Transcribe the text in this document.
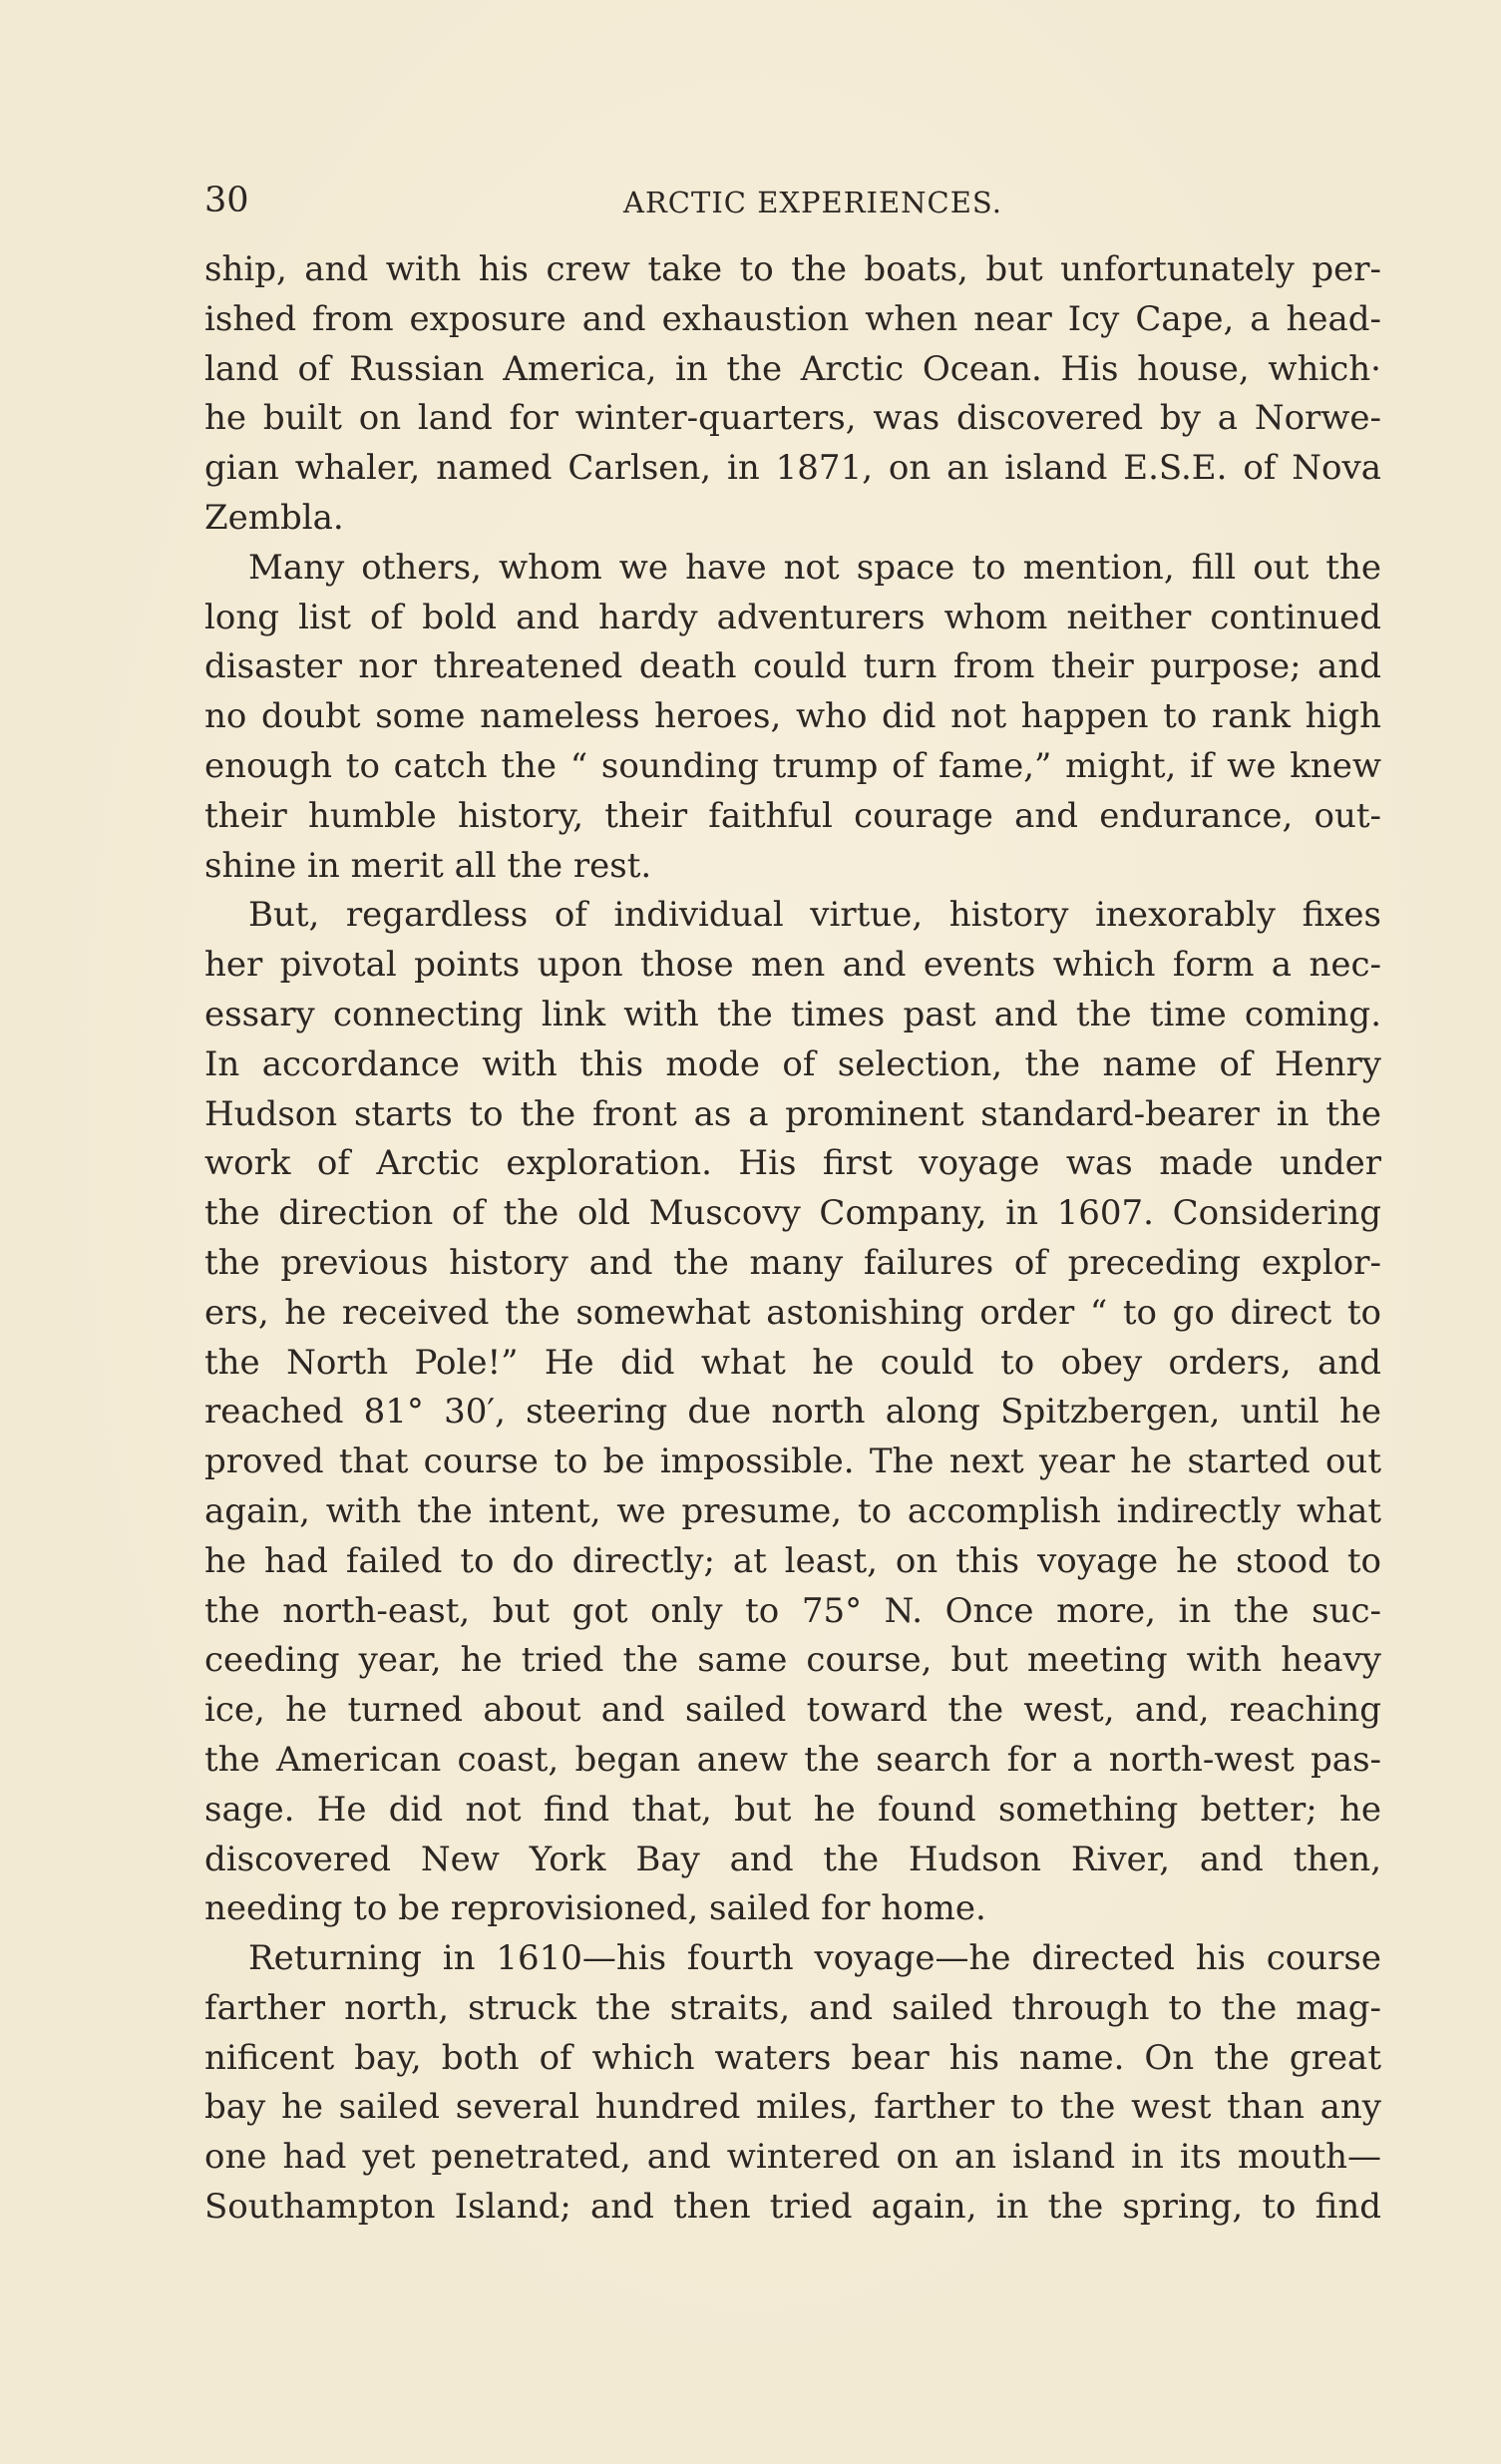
30	ARCTIC EXPERIENCES.
ship, and with his crew take to the boats, but unfortunately per-
ished from exposure and exhaustion when near Icy Cape, a head-
land of Russian America, in the Arctic Ocean. His house, which·
he built on land for winter-quarters, was discovered by a Norwe-
gian whaler, named Carlsen, in 1871, on an island E.S.E. of Nova
Zembla.
Many others, whom we have not space to mention, fill out the
long list of bold and hardy adventurers whom neither continued
disaster nor threatened death could turn from their purpose; and
no doubt some nameless heroes, who did not happen to rank high
enough to catch the “ sounding trump of fame,” might, if we knew
their humble history, their faithful courage and endurance, out-
shine in merit all the rest.
But, regardless of individual virtue, history inexorably fixes
her pivotal points upon those men and events which form a nec-
essary connecting link with the times past and the time coming.
In accordance with this mode of selection, the name of Henry
Hudson starts to the front as a prominent standard-bearer in the
work of Arctic exploration. His first voyage was made under
the direction of the old Muscovy Company, in 1607. Considering
the previous history and the many failures of preceding explor-
ers, he received the somewhat astonishing order “ to go direct to
the North Pole!” He did what he could to obey orders, and
reached 81° 30′, steering due north along Spitzbergen, until he
proved that course to be impossible. The next year he started out
again, with the intent, we presume, to accomplish indirectly what
he had failed to do directly; at least, on this voyage he stood to
the north-east, but got only to 75° N. Once more, in the suc-
ceeding year, he tried the same course, but meeting with heavy
ice, he turned about and sailed toward the west, and, reaching
the American coast, began anew the search for a north-west pas-
sage. He did not find that, but he found something better; he
discovered New York Bay and the Hudson River, and then,
needing to be reprovisioned, sailed for home.
Returning in 1610—his fourth voyage—he directed his course
farther north, struck the straits, and sailed through to the mag-
nificent bay, both of which waters bear his name. On the great
bay he sailed several hundred miles, farther to the west than any
one had yet penetrated, and wintered on an island in its mouth—
Southampton Island; and then tried again, in the spring, to find
